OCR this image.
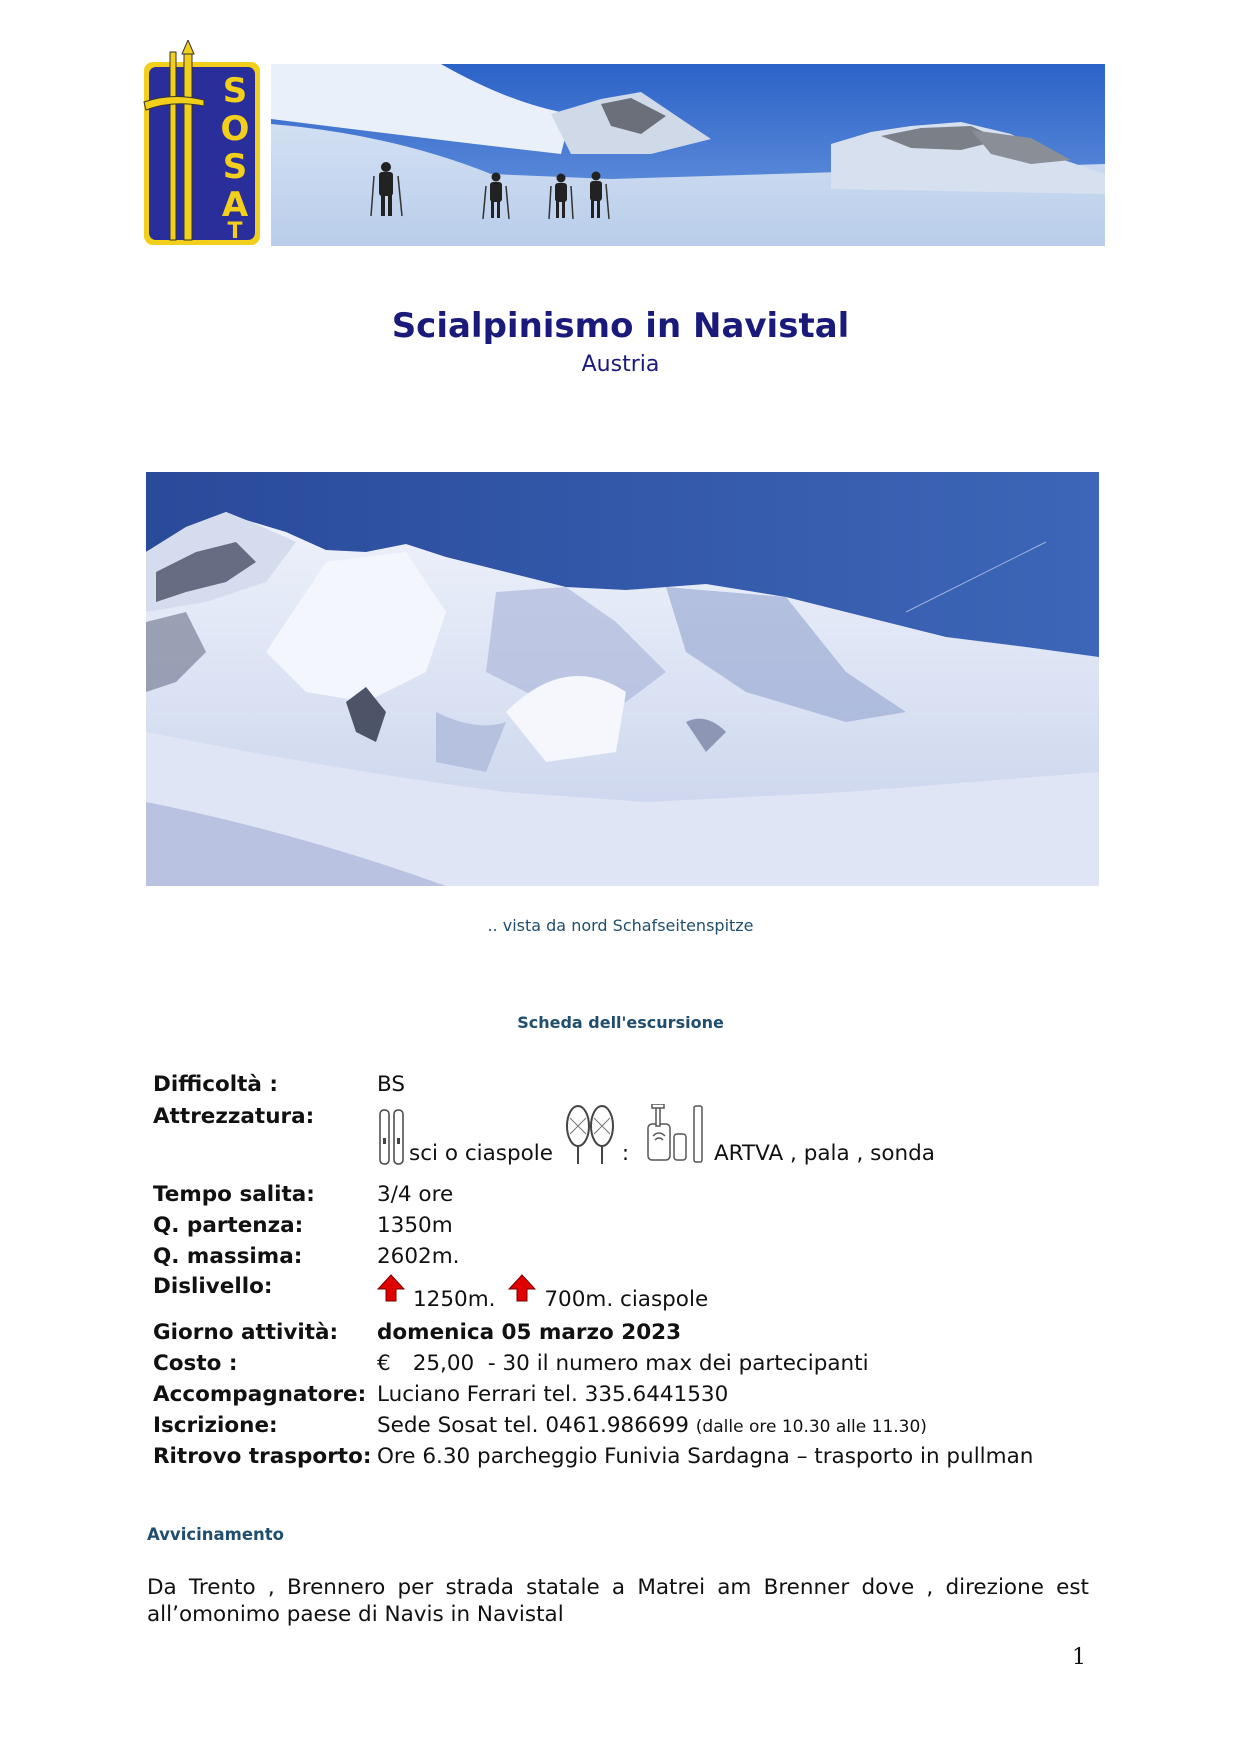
S
O
S
A
T
Scialpinismo in Navistal
Austria
.. vista da nord Schafseitenspitze
Scheda dell'escursione
Difficoltà :	BS
Attrezzatura:
sci o ciaspole	:	ARTVA , pala , sonda
Tempo salita:	3/4 ore
Q. partenza:	1350m
Q. massima:	2602m.
Dislivello:
1250m. 700m. ciaspole
Giorno attività: domenica 05 marzo 2023
Costo :	€ 25,00  - 30 il numero max dei partecipanti
Accompagnatore: Luciano Ferrari tel. 335.6441530
Iscrizione:	Sede Sosat tel. 0461.986699 (dalle ore 10.30 alle 11.30)
Ritrovo trasporto: Ore 6.30 parcheggio Funivia Sardagna – trasporto in pullman
Avvicinamento
Da Trento , Brennero per strada statale a Matrei am Brenner dove , direzione est all’omonimo paese di Navis in Navistal
1
